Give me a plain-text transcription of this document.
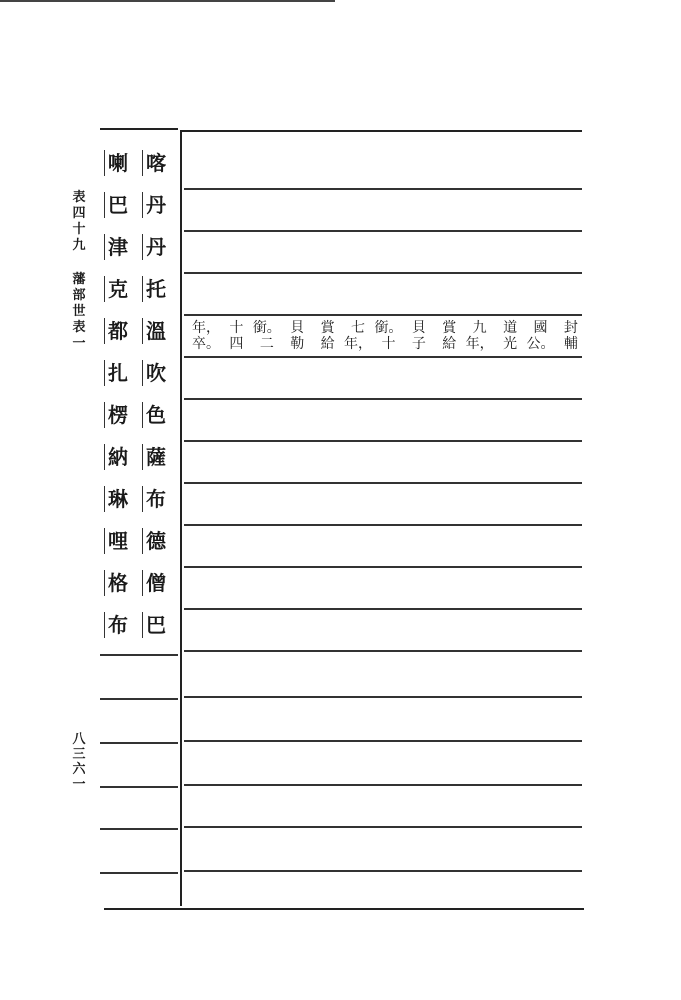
表
四
十
九
藩
部
世
表
一
八
三
六
一
喇 喀
巴 丹
津 丹
克 托
都 溫
扎 吹
楞 色
納 薩
琳 布
哩 德
格 僧
布 巴
封
輔
國
公。
道
光
九
年，
賞
給
貝
子
銜。
十
七
年，
賞
給
貝
勒
銜。
二
十
四
年，
卒。
